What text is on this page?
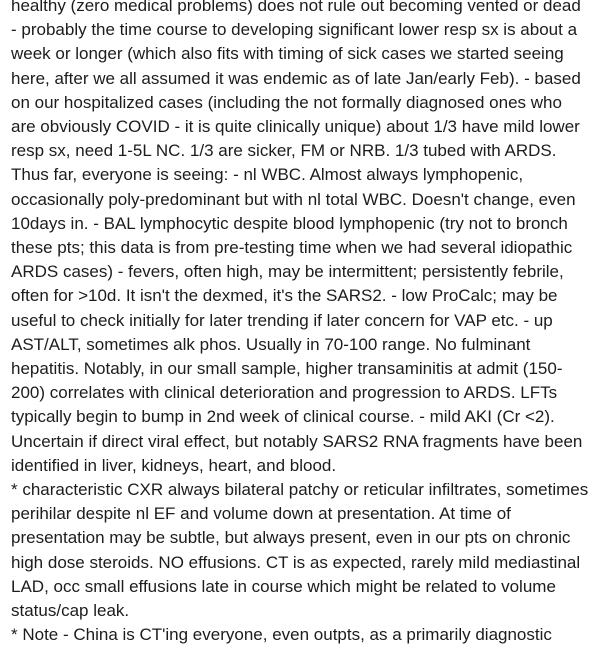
healthy (zero medical problems) does not rule out becoming vented or dead
- probably the time course to developing significant lower resp sx is about a
week or longer (which also fits with timing of sick cases we started seeing
here, after we all assumed it was endemic as of late Jan/early Feb). - based
on our hospitalized cases (including the not formally diagnosed ones who
are obviously COVID - it is quite clinically unique) about 1/3 have mild lower
resp sx, need 1-5L NC. 1/3 are sicker, FM or NRB. 1/3 tubed with ARDS.
Thus far, everyone is seeing: - nl WBC. Almost always lymphopenic,
occasionally poly-predominant but with nl total WBC. Doesn't change, even
10days in. - BAL lymphocytic despite blood lymphopenic (try not to bronch
these pts; this data is from pre-testing time when we had several idiopathic
ARDS cases) - fevers, often high, may be intermittent; persistently febrile,
often for >10d. It isn't the dexmed, it's the SARS2. - low ProCalc; may be
useful to check initially for later trending if later concern for VAP etc. - up
AST/ALT, sometimes alk phos. Usually in 70-100 range. No fulminant
hepatitis. Notably, in our small sample, higher transaminitis at admit (150-
200) correlates with clinical deterioration and progression to ARDS. LFTs
typically begin to bump in 2nd week of clinical course. - mild AKI (Cr <2).
Uncertain if direct viral effect, but notably SARS2 RNA fragments have been
identified in liver, kidneys, heart, and blood.

* characteristic CXR always bilateral patchy or reticular infiltrates, sometimes
perihilar despite nl EF and volume down at presentation. At time of
presentation may be subtle, but always present, even in our pts on chronic
high dose steroids. NO effusions. CT is as expected, rarely mild mediastinal
LAD, occ small effusions late in course which might be related to volume
status/cap leak.

* Note - China is CT'ing everyone, even outpts, as a primarily diagnostic
